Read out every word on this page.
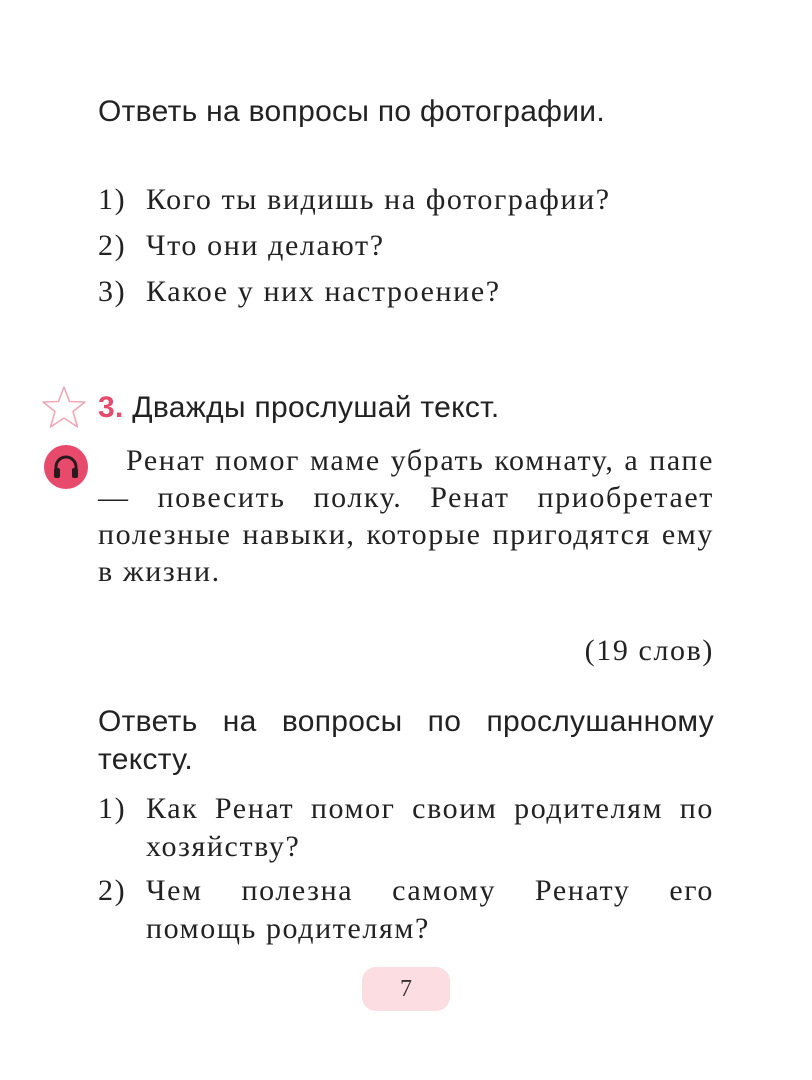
Ответь на вопросы по фотографии.

1) Кого ты видишь на фотографии?
2) Что они делают?
3) Какое у них настроение?
3. Дважды прослушай текст.

Ренат помог маме убрать комнату, а папе — повесить полку. Ренат приобретает полезные навыки, которые пригодятся ему в жизни.

(19 слов)

Ответь на вопросы по прослушанному тексту.

1) Как Ренат помог своим родителям по хозяйству?
2) Чем полезна самому Ренату его помощь родителям?
7
